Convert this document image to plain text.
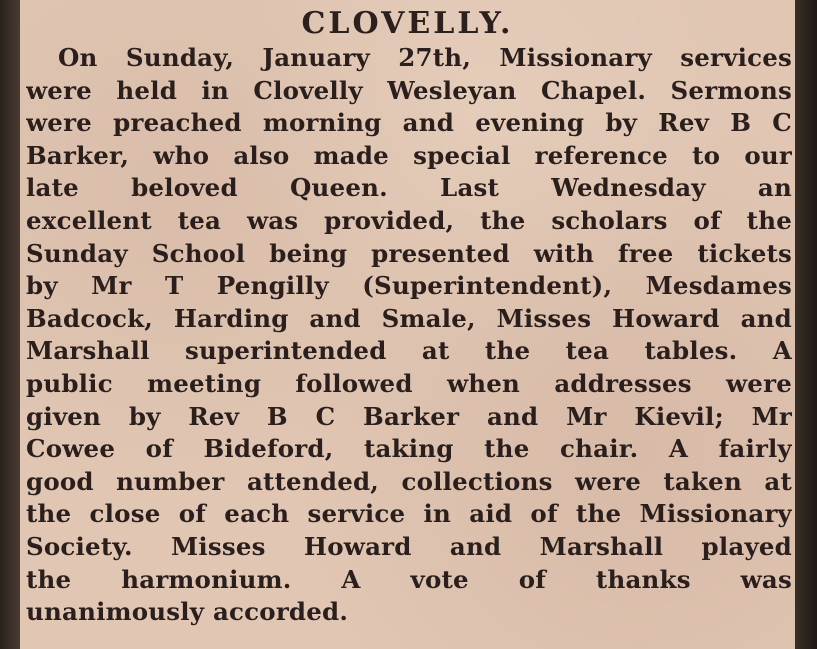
CLOVELLY.
On Sunday, January 27th, Missionary services
were held in Clovelly Wesleyan Chapel. Sermons
were preached morning and evening by Rev B C
Barker, who also made special reference to our
late beloved Queen. Last Wednesday an
excellent tea was provided, the scholars of the
Sunday School being presented with free tickets
by Mr T Pengilly (Superintendent), Mesdames
Badcock, Harding and Smale, Misses Howard and
Marshall superintended at the tea tables. A
public meeting followed when addresses were
given by Rev B C Barker and Mr Kievil; Mr
Cowee of Bideford, taking the chair. A fairly
good number attended, collections were taken at
the close of each service in aid of the Missionary
Society. Misses Howard and Marshall played
the harmonium. A vote of thanks was
unanimously accorded.
